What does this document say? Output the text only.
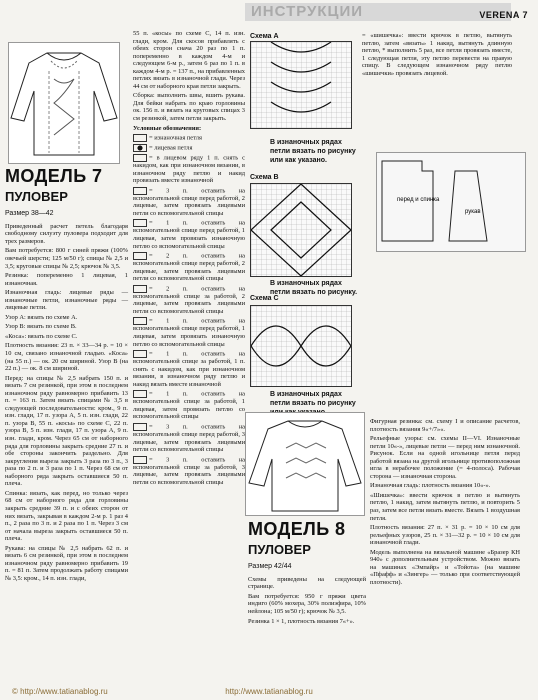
ИНСТРУКЦИИ	VERENA 7
МОДЕЛЬ 7
ПУЛОВЕР
Размер 38—42

Приведенный расчет петель благодаря свободному силуэту пуловера подходит для трех размеров.

Вам потребуется: 800 г синей пряжи (100% овечьей шерсти; 125 м/50 г); спицы № 2,5 и 3,5; круговые спицы № 2,5; крючок № 3,5.

Резинка: попеременно 1 лицевая, 1 изнаночная.

Изнаночная гладь: лицевые ряды — изнаночные петли, изнаночные ряды — лицевые петли.

Узор А: вязать по схеме А.

Узор В: вязать по схеме В.

«Коса»: вязать по схеме С.

Плотность вязания: 23 п. × 33—34 р. = 10 × 10 см, связано изнаночной гладью. «Коса» (на 55 п.) — ок. 20 см шириной. Узор В (на 22 п.) — ок. 8 см шириной.

Перед: на спицы № 2,5 набрать 150 п. и вязать 7 см резинкой, при этом в последнем изнаночном ряду равномерно прибавить 13 п. = 163 п. Затем вязать спицами № 3,5 в следующей последовательности: кром., 9 п. изн. глади, 17 п. узора А, 5 п. изн. глади, 22 п. узора В, 55 п. «косы» по схеме С, 22 п. узора В, 5 п. изн. глади, 17 п. узора А, 9 п. изн. глади, кром. Через 65 см от наборного ряда для горловины закрыть средние 27 п. и обе стороны закончить раздельно. Для закругления выреза закрыть 3 раза по 3 п., 3 раза по 2 п. и 3 раза по 1 п. Через 68 см от наборного ряда закрыть оставшиеся 50 п. плеча.

Спинка: вязать, как перед, но только через 68 см от наборного ряда для горловины закрыть средние 39 п. и с обеих сторон от них вязать, закрывая в каждом 2-м р. 1 раз 4 п., 2 раза по 3 п. и 2 раза по 1 п. Через 3 см от начала выреза закрыть оставшиеся 50 п. плеча.

Рукава: на спицы № 2,5 набрать 62 п. и вязать 6 см резинкой, при этом в последнем изнаночном ряду равномерно прибавить 19 п. = 81 п. Затем продолжать работу спицами № 3,5: кром., 14 п. изн. глади,

55 п. «косы» по схеме С, 14 п. изн. глади, кром. Для скосов прибавлять с обеих сторон снача 20 раз по 1 п. попеременно в каждом 4-м и следующем 6-м р., затем 6 раз по 1 п. в каждом 4-м р. = 137 п., на прибавленных петлях вязать в изнаночной глади. Через 44 см от наборного края петли закрыть.

Сборка: выполнить швы, вшить рукава. Для бейки набрать по краю горловины ок. 156 п. и вязать на круговых спицах 3 см резинкой, затем петли закрыть.

Условные обозначения:

= изнаночная петля

= лицевая петля

= в лицевом ряду 1 п. снять с накидом, как при изнаночном вязании, в изнаночном ряду петлю и накид провязать вместе изнаночной

= 3 п. оставить на вспомогательной спице перед работой, 2 лицевые, затем провязать лицевыми петли со вспомогательной спицы

= 1 п. оставить на вспомогательной спице перед работой, 1 лицевая, затем провязать изнаночную петлю со вспомогательной спицы

= 2 п. оставить на вспомогательной спице перед работой, 2 лицевые, затем провязать лицевыми петли со вспомогательной спицы

= 2 п. оставить на вспомогательной спице за работой, 2 лицевые, затем провязать лицевыми петли со вспомогательной спицы

= 1 п. оставить на вспомогательной спице перед работой, 1 лицевая, затем провязать изнаночную петлю со вспомогательной спицы

= 1 п. оставить на вспомогательной спице за работой, 1 п. снять с накидом, как при изнаночном вязании, в изнаночном ряду петлю и накид вязать вместе изнаночной

= 1 п. оставить на вспомогательной спице за работой, 1 лицевая, затем провязать петлю со вспомогательной спицы

= 3 п. оставить на вспомогательной спице перед работой, 3 лицевые, затем провязать лицевыми петли со вспомогательной спицы

= 3 п. оставить на вспомогательной спице за работой, 3 лицевые, затем провязать лицевыми петли со вспомогательной спицы

Схема А
В изнаночных рядах петли вязать по рисунку или как указано.
Схема В
В изнаночных рядах петли вязать по рисунку.
Схема С
В изнаночных рядах петли вязать по рисунку

= «шишечка»: ввести крючок в петлю, вытянуть петлю, затем «вязать» 1 накид, вытянуть длинную петлю, * выполнить 5 раз, все петли провязать вместе, 1 следующая петля, эту петлю перевести на правую спицу. В следующем изнаночном ряду петлю «шишечки» провязать лицевой.

перед и спинка
рукав
МОДЕЛЬ 8
ПУЛОВЕР
Размер 42/44

Схемы приведены на следующей странице.

Вам потребуется: 950 г пряжи цвета индиго (60% мохера, 30% полиэфира, 10% нейлона; 105 м/50 г); крючок № 3,5.

Резинка 1 × 1, плотность вязания 7«+».

Фигурная резинка: см. схему I и описание расчетов, плотность вязания 9«+/7»«.

Рельефные узоры: см. схемы II—VI. Изнаночные петли 10«-», лицевые петли — перед ним изнаночной. Рисунок. Если на одной игольнице петля перед работой вязана на другой игольнице противоположная игла в нерабочее положение (= 4-полоса). Рабочая сторона — изнаночная сторона.

Изнаночная гладь: плотность вязания 10«-».

«Шишечка»: ввести крючок в петлю и вытянуть петлю, 1 накид, затем вытянуть петлю, и повторить 5 раз, затем все петли вязать вместе. Вязать 1 воздушная петля.

Плотность вязания: 27 п. × 31 р. = 10 × 10 см для рельефных узоров, 25 п. × 31—32 р. = 10 × 10 см для изнаночной глади.

Модель выполнена на вязальной машине «Бразер КН 940» с дополнительным устройством. Можно вязать на машинах «Эмпайр» и «Тойота» (на машине «Пфафф» и «Зингер» — только при соответствующей плотности).

© http://www.tatianablog.ru	http://www.tatianablog.ru
